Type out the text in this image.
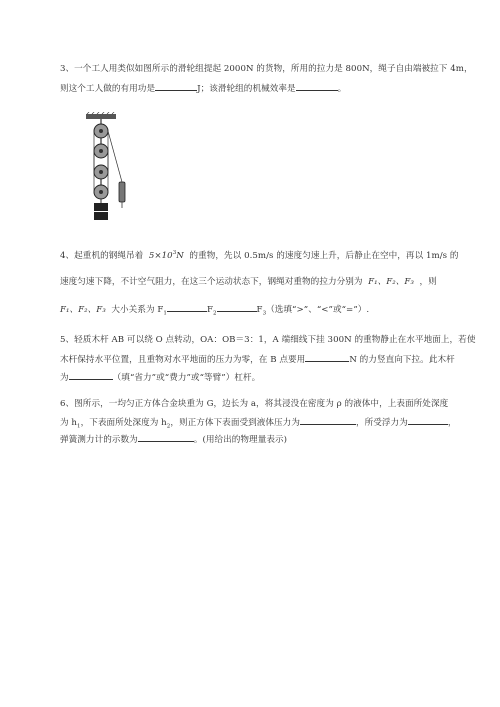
3、一个工人用类似如图所示的滑轮组提起 2000N 的货物，所用的拉力是 800N，绳子自由端被拉下 4m，
则这个工人做的有用功是	J；该滑轮组的机械效率是	。
4、起重机的钢绳吊着 $5\times 10^3N$ 的重物，先以 0.5m/s 的速度匀速上升，后静止在空中，再以 1m/s 的
速度匀速下降，不计空气阻力，在这三个运动状态下，钢绳对重物的拉力分别为 F₁、F₂、F₃ ，则
F₁、F₂、F₃ 大小关系为 $F_1$	$F_2$	$F_3$（选填“>”、“<”或“=”）.
5、轻质木杆 AB 可以绕 O 点转动，OA：OB＝3：1，A 端细线下挂 300N 的重物静止在水平地面上，若使
木杆保持水平位置，且重物对水平地面的压力为零，在 B 点要用	N 的力竖直向下拉。此木杆
为	（填“省力”或“费力”或“等臂”）杠杆。
6、图所示，一均匀正方体合金块重为 G，边长为 a，将其浸没在密度为 ρ 的液体中，上表面所处深度
为 $h_1$，下表面所处深度为 $h_2$，则正方体下表面受到液体压力为	，所受浮力为	，
弹簧测力计的示数为	。(用给出的物理量表示)
